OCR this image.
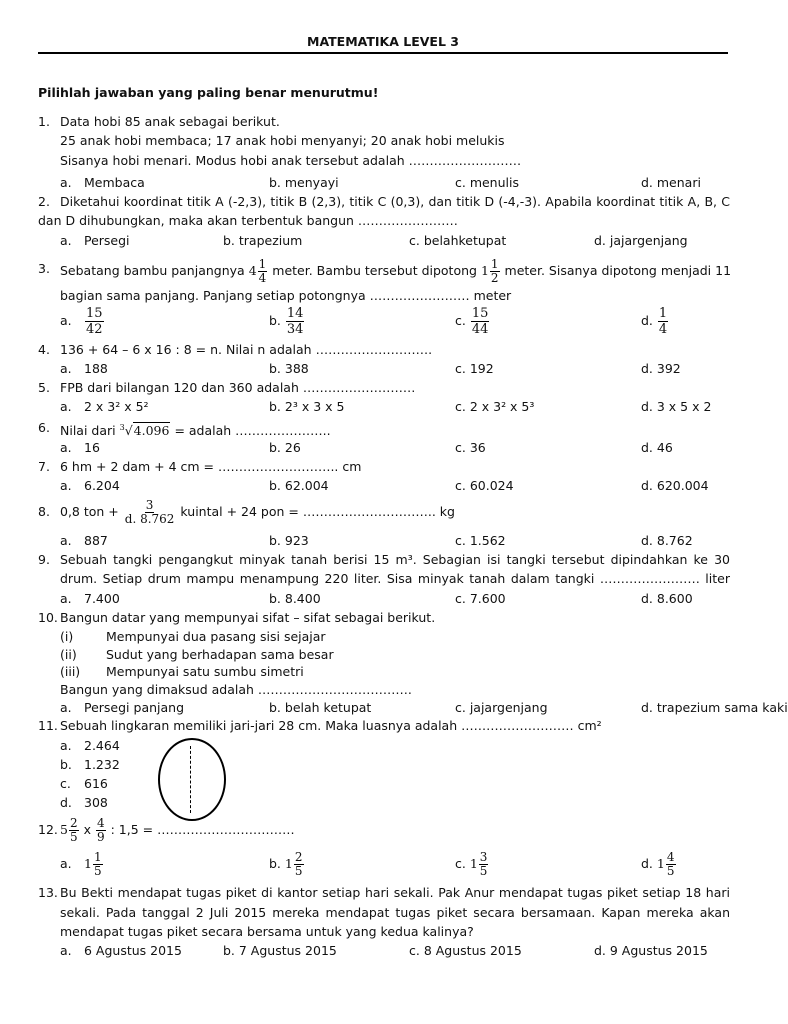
MATEMATIKA LEVEL 3
Pilihlah jawaban yang paling benar menurutmu!
1. Data hobi 85 anak sebagai berikut.
25 anak hobi membaca; 17 anak hobi menyanyi; 20 anak hobi melukis
Sisanya hobi menari. Modus hobi anak tersebut adalah ………………………
a. Membaca	b. menyayi	c. menulis	d. menari
2. Diketahui koordinat titik A (-2,3), titik B (2,3), titik C (0,3), dan titik D (-4,-3). Apabila koordinat titik A, B, C
dan D dihubungkan, maka akan terbentuk bangun ……………………
a. Persegi	b. trapezium	c. belahketupat	d. jajargenjang
3. Sebatang bambu panjangnya $4 \frac{1}{4}$ meter. Bambu tersebut dipotong $1 \frac{1}{2}$ meter. Sisanya dipotong menjadi 11
bagian sama panjang. Panjang setiap potongnya …………………… meter
a. $\frac{15}{42}$	b. $\frac{14}{34}$	c. $\frac{15}{44}$	d. $\frac{1}{4}$
4. 136 + 64 – 6 x 16 : 8 = n. Nilai n adalah ……………………….
a. 188	b. 388	c. 192	d. 392
5. FPB dari bilangan 120 dan 360 adalah ………………………
a. 2 x 3² x 5²	b. 2³ x 3 x 5	c. 2 x 3² x 5³	d. 3 x 5 x 2
6. Nilai dari $^3$√4.096 = adalah …………………..
a. 16	b. 26	c. 36	d. 46
7. 6 hm + 2 dam + 4 cm = ……………………….. cm
a. 6.204	b. 62.004	c. 60.024	d. 620.004
8. 0,8 ton + $\frac{3}{d. 8.762}$ kuintal + 24 pon = ………………………….. kg
a. 887	b. 923	c. 1.562	d. 8.762
9. Sebuah tangki pengangkut minyak tanah berisi 15 m³. Sebagian isi tangki tersebut dipindahkan ke 30
drum. Setiap drum mampu menampung 220 liter. Sisa minyak tanah dalam tangki …………………… liter
a. 7.400	b. 8.400	c. 7.600	d. 8.600
10. Bangun datar yang mempunyai sifat – sifat sebagai berikut.
(i)	Mempunyai dua pasang sisi sejajar
(ii) Sudut yang berhadapan sama besar
(iii) Mempunyai satu sumbu simetri
Bangun yang dimaksud adalah ……………………………….
a. Persegi panjang	b. belah ketupat	c. jajargenjang	d. trapezium sama kaki
11. Sebuah lingkaran memiliki jari-jari 28 cm. Maka luasnya adalah ……………………… cm²
a. 2.464
b. 1.232
c. 616
d. 308
12. $5 \frac{2}{5}$ x $\frac{4}{9}$ : 1,5 = ……………………………
a. $1 \frac{1}{5}$	b. $1 \frac{2}{5}$	c. $1 \frac{3}{5}$	d. $1 \frac{4}{5}$
13. Bu Bekti mendapat tugas piket di kantor setiap hari sekali. Pak Anur mendapat tugas piket setiap 18 hari
sekali. Pada tanggal 2 Juli 2015 mereka mendapat tugas piket secara bersamaan. Kapan mereka akan
mendapat tugas piket secara bersama untuk yang kedua kalinya?
a. 6 Agustus 2015	b. 7 Agustus 2015	c. 8 Agustus 2015	d. 9 Agustus 2015
